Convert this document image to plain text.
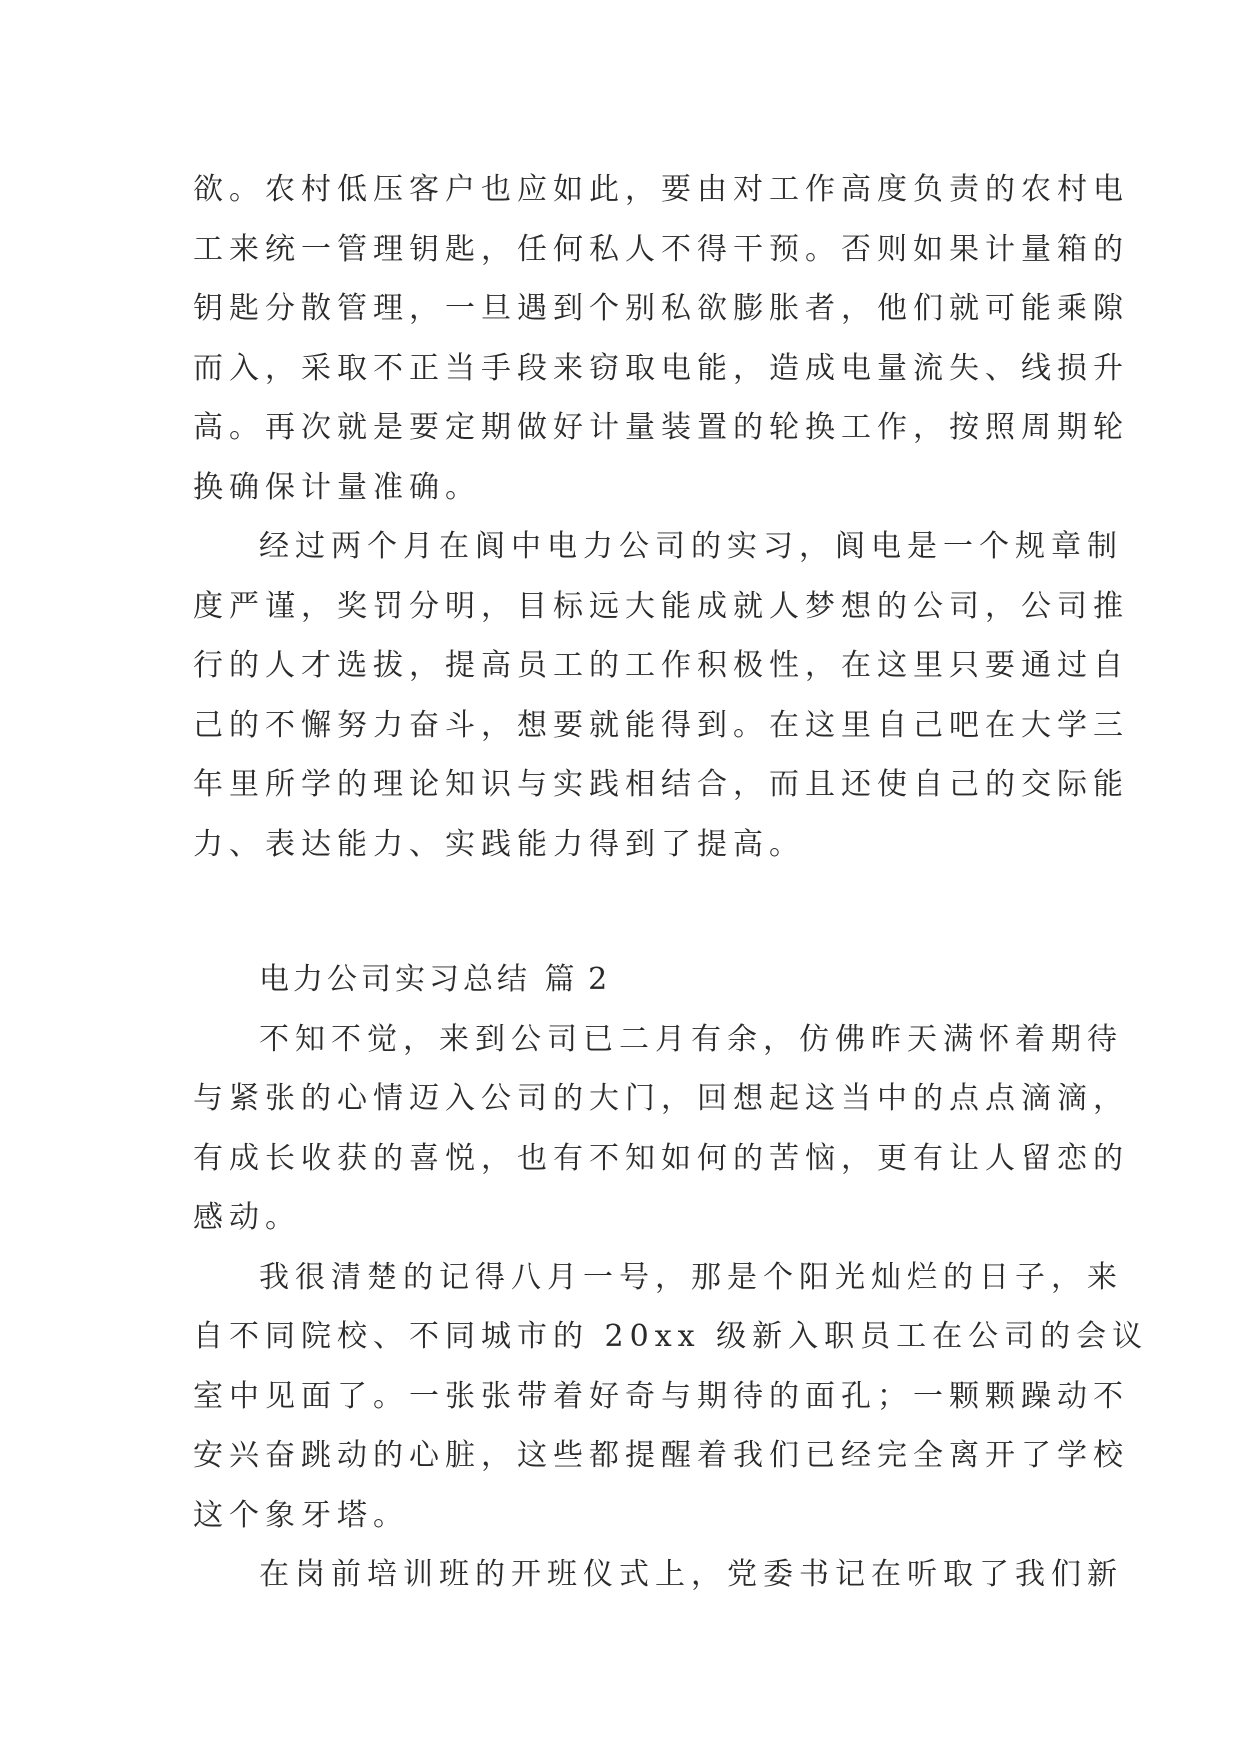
欲。农村低压客户也应如此，要由对工作高度负责的农村电
工来统一管理钥匙，任何私人不得干预。否则如果计量箱的
钥匙分散管理，一旦遇到个别私欲膨胀者，他们就可能乘隙
而入，采取不正当手段来窃取电能，造成电量流失、线损升
高。再次就是要定期做好计量装置的轮换工作，按照周期轮
换确保计量准确。
经过两个月在阆中电力公司的实习，阆电是一个规章制
度严谨，奖罚分明，目标远大能成就人梦想的公司，公司推
行的人才选拔，提高员工的工作积极性，在这里只要通过自
己的不懈努力奋斗，想要就能得到。在这里自己吧在大学三
年里所学的理论知识与实践相结合，而且还使自己的交际能
力、表达能力、实践能力得到了提高。
电力公司实习总结 篇 2
不知不觉，来到公司已二月有余，仿佛昨天满怀着期待
与紧张的心情迈入公司的大门，回想起这当中的点点滴滴，
有成长收获的喜悦，也有不知如何的苦恼，更有让人留恋的
感动。
我很清楚的记得八月一号，那是个阳光灿烂的日子，来
自不同院校、不同城市的 20xx 级新入职员工在公司的会议
室中见面了。一张张带着好奇与期待的面孔；一颗颗躁动不
安兴奋跳动的心脏，这些都提醒着我们已经完全离开了学校
这个象牙塔。
在岗前培训班的开班仪式上，党委书记在听取了我们新
